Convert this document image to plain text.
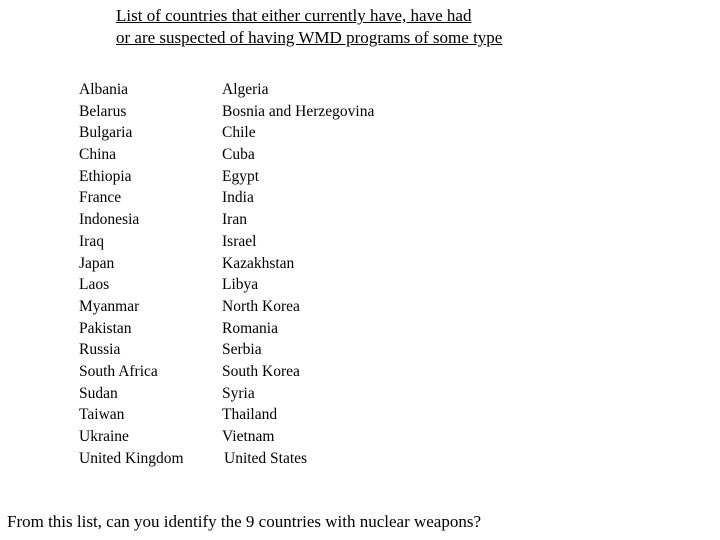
List of countries that either currently have, have had
or are suspected of having WMD programs of some type
Albania
Belarus
Bulgaria
China
Ethiopia
France
Indonesia
Iraq
Japan
Laos
Myanmar
Pakistan
Russia
South Africa
Sudan
Taiwan
Ukraine
United Kingdom
Algeria
Bosnia and Herzegovina
Chile
Cuba
Egypt
India
Iran
Israel
Kazakhstan
Libya
North Korea
Romania
Serbia
South Korea
Syria
Thailand
Vietnam
United States
From this list, can you identify the 9 countries with nuclear weapons?
